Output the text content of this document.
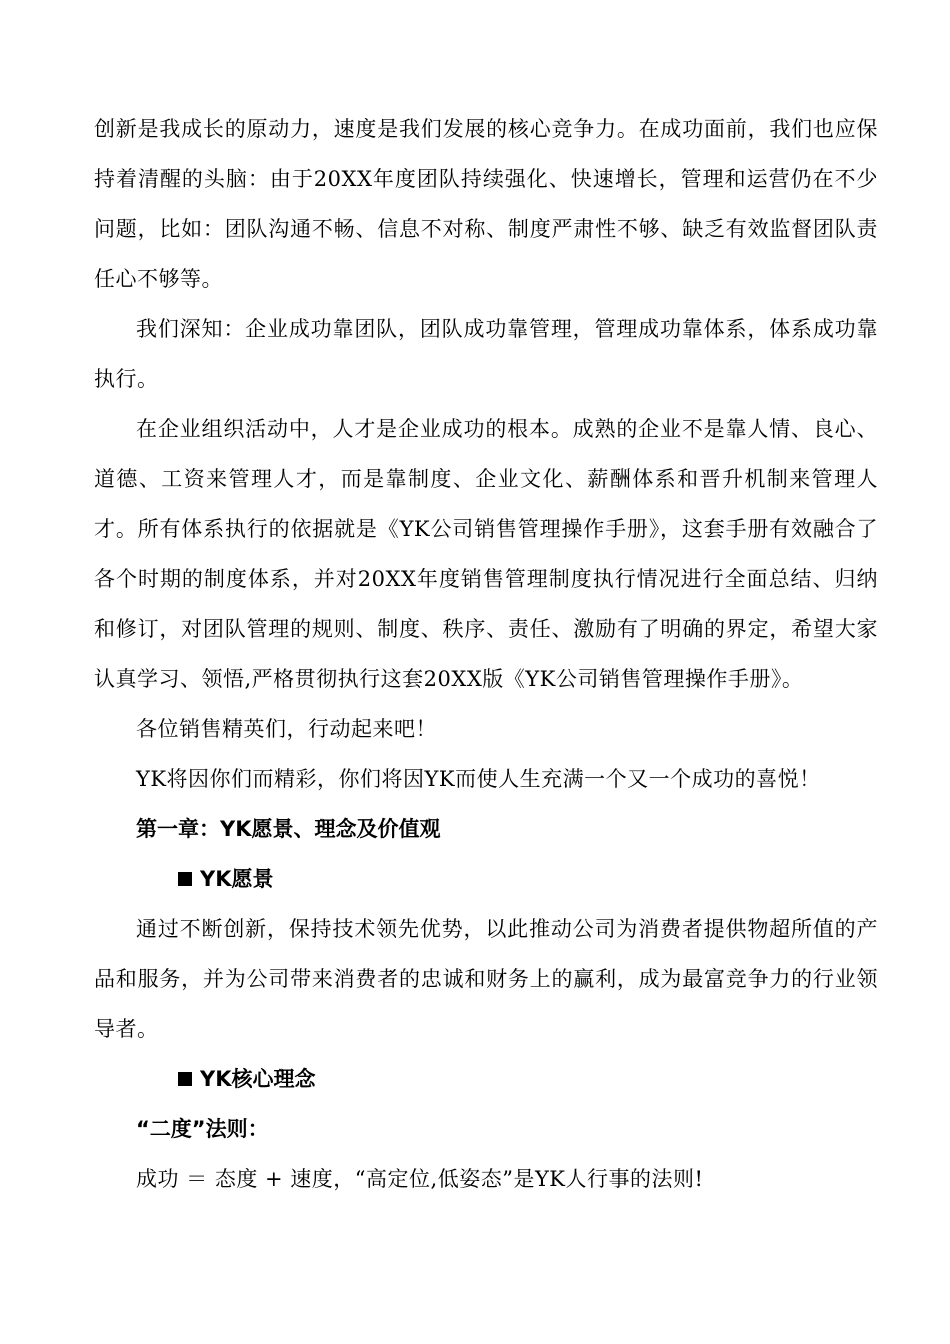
创新是我成长的原动力，速度是我们发展的核心竞争力。在成功面前，我们也应保持着清醒的头脑：由于20XX年度团队持续强化、快速增长，管理和运营仍在不少问题，比如：团队沟通不畅、信息不对称、制度严肃性不够、缺乏有效监督团队责任心不够等。

我们深知：企业成功靠团队，团队成功靠管理，管理成功靠体系，体系成功靠执行。

在企业组织活动中，人才是企业成功的根本。成熟的企业不是靠人情、良心、道德、工资来管理人才，而是靠制度、企业文化、薪酬体系和晋升机制来管理人才。所有体系执行的依据就是《YK公司销售管理操作手册》，这套手册有效融合了各个时期的制度体系，并对20XX年度销售管理制度执行情况进行全面总结、归纳和修订，对团队管理的规则、制度、秩序、责任、激励有了明确的界定，希望大家认真学习、领悟,严格贯彻执行这套20XX版《YK公司销售管理操作手册》。

各位销售精英们，行动起来吧！

YK将因你们而精彩，你们将因YK而使人生充满一个又一个成功的喜悦！

第一章：YK愿景、理念及价值观

YK愿景

通过不断创新，保持技术领先优势，以此推动公司为消费者提供物超所值的产品和服务，并为公司带来消费者的忠诚和财务上的赢利，成为最富竞争力的行业领导者。

YK核心理念

“二度”法则：

成功 ＝ 态度 + 速度，“高定位,低姿态”是YK人行事的法则!
